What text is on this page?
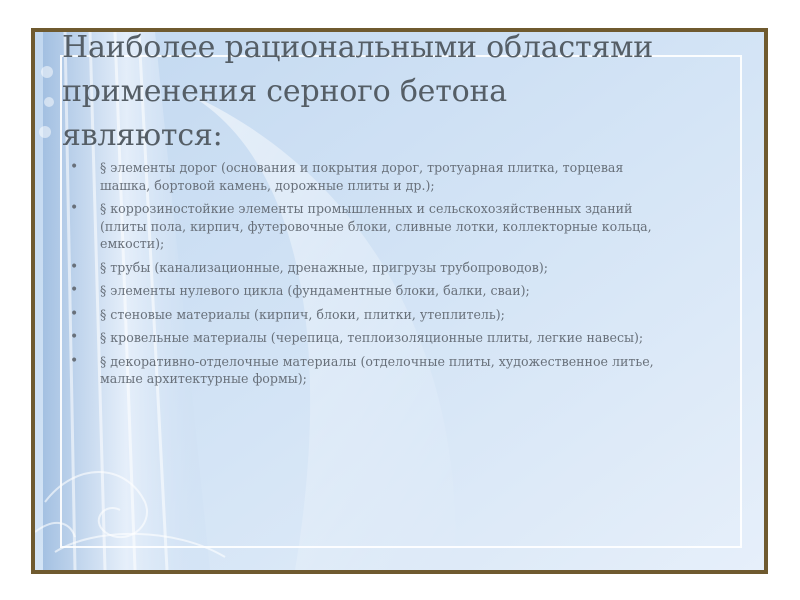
Наиболее рациональными областями применения серного бетона являются:
• § элементы дорог (основания и покрытия дорог, тротуарная плитка, торцевая шашка, бортовой камень, дорожные плиты и др.);
• § коррозиностойкие элементы промышленных и сельскохозяйственных зданий (плиты пола, кирпич, футеровочные блоки, сливные лотки, коллекторные кольца, емкости);
• § трубы (канализационные, дренажные, пригрузы трубопроводов);
• § элементы нулевого цикла (фундаментные блоки, балки, сваи);
• § стеновые материалы (кирпич, блоки, плитки, утеплитель);
• § кровельные материалы (черепица, теплоизоляционные плиты, легкие навесы);
• § декоративно-отделочные материалы (отделочные плиты, художественное литье, малые архитектурные формы);
